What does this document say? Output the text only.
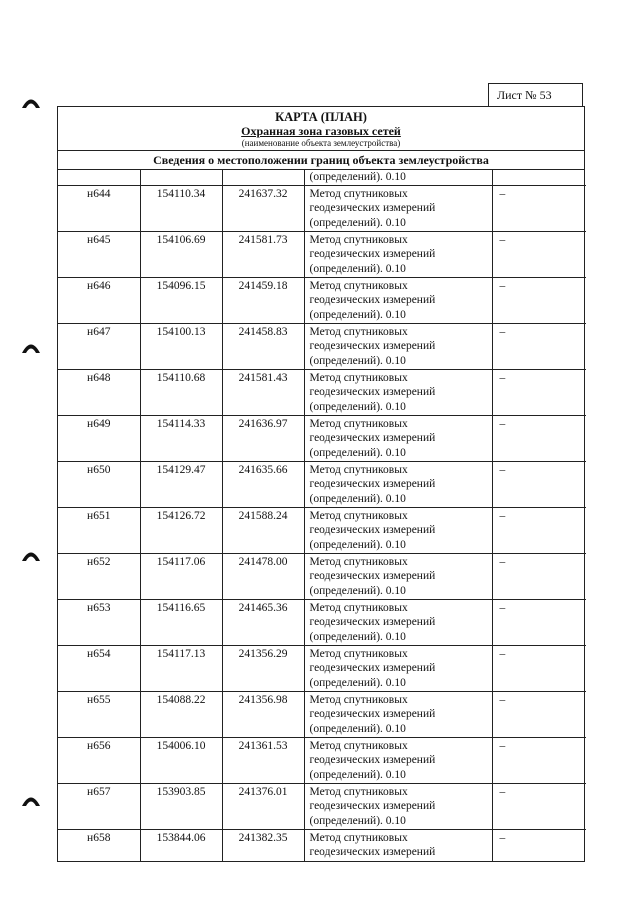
Лист № 53
КАРТА (ПЛАН)
Охранная зона газовых сетей
(наименование объекта землеустройства)
Сведения о местоположении границ объекта землеустройства
			(определений). 0.10	
н644	154110.34	241637.32	Метод спутниковых
геодезических измерений
(определений). 0.10	–
н645	154106.69	241581.73	Метод спутниковых
геодезических измерений
(определений). 0.10	–
н646	154096.15	241459.18	Метод спутниковых
геодезических измерений
(определений). 0.10	–
н647	154100.13	241458.83	Метод спутниковых
геодезических измерений
(определений). 0.10	–
н648	154110.68	241581.43	Метод спутниковых
геодезических измерений
(определений). 0.10	–
н649	154114.33	241636.97	Метод спутниковых
геодезических измерений
(определений). 0.10	–
н650	154129.47	241635.66	Метод спутниковых
геодезических измерений
(определений). 0.10	–
н651	154126.72	241588.24	Метод спутниковых
геодезических измерений
(определений). 0.10	–
н652	154117.06	241478.00	Метод спутниковых
геодезических измерений
(определений). 0.10	–
н653	154116.65	241465.36	Метод спутниковых
геодезических измерений
(определений). 0.10	–
н654	154117.13	241356.29	Метод спутниковых
геодезических измерений
(определений). 0.10	–
н655	154088.22	241356.98	Метод спутниковых
геодезических измерений
(определений). 0.10	–
н656	154006.10	241361.53	Метод спутниковых
геодезических измерений
(определений). 0.10	–
н657	153903.85	241376.01	Метод спутниковых
геодезических измерений
(определений). 0.10	–
н658	153844.06	241382.35	Метод спутниковых
геодезических измерений	–
